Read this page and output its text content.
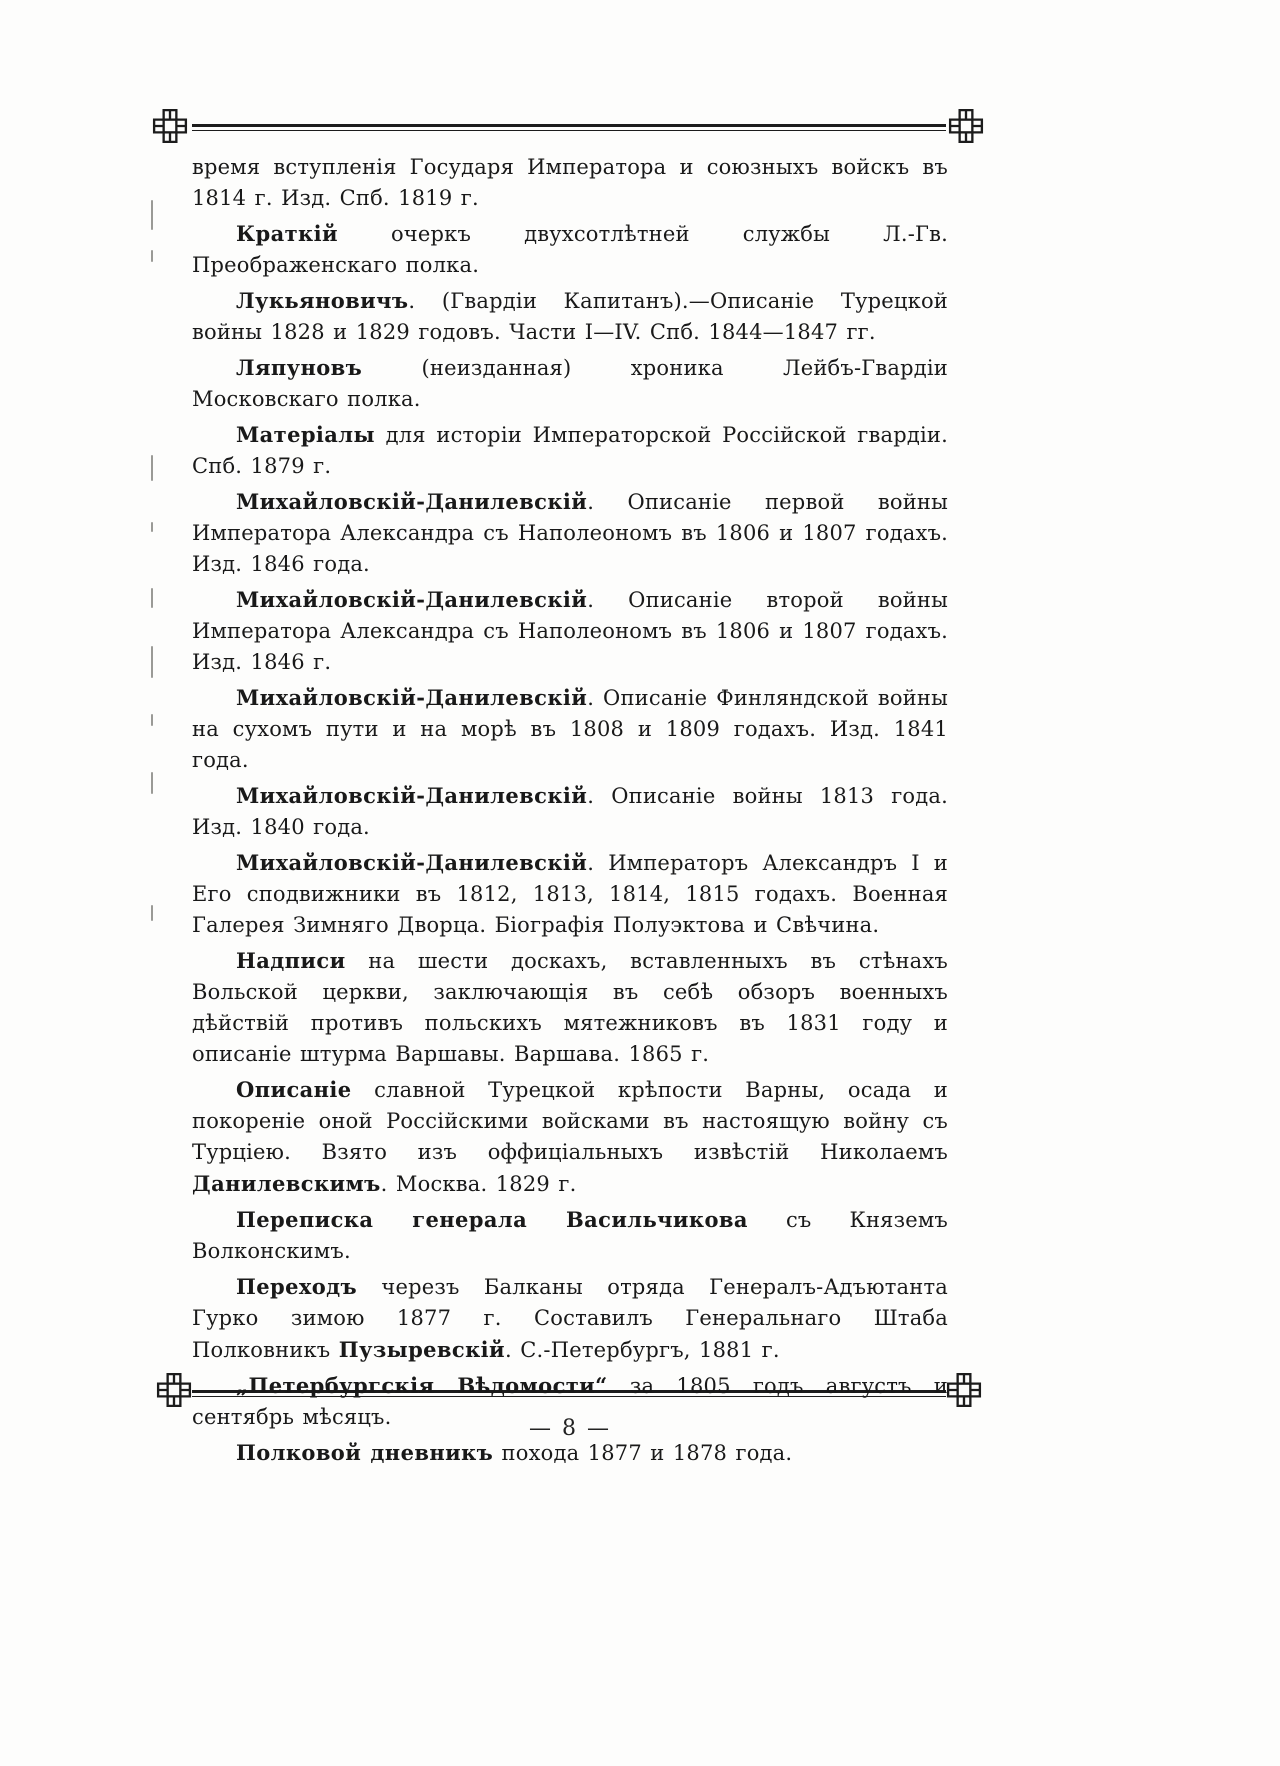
время вступленія Государя Императора и союзныхъ войскъ въ 1814 г. Изд. Спб. 1819 г.

Краткій очеркъ двухсотлѣтней службы Л.-Гв. Преображенскаго полка.

Лукьяновичъ. (Гвардіи Капитанъ).—Описаніе Турецкой войны 1828 и 1829 годовъ. Части I—IV. Спб. 1844—1847 гг.

Ляпуновъ (неизданная) хроника Лейбъ-Гвардіи Московскаго полка.

Матеріалы для исторіи Императорской Россійской гвардіи. Спб. 1879 г.

Михайловскій-Данилевскій. Описаніе первой войны Императора Александра съ Наполеономъ въ 1806 и 1807 годахъ. Изд. 1846 года.

Михайловскій-Данилевскій. Описаніе второй войны Императора Александра съ Наполеономъ въ 1806 и 1807 годахъ. Изд. 1846 г.

Михайловскій-Данилевскій. Описаніе Финляндской войны на сухомъ пути и на морѣ въ 1808 и 1809 годахъ. Изд. 1841 года.

Михайловскій-Данилевскій. Описаніе войны 1813 года. Изд. 1840 года.

Михайловскій-Данилевскій. Императоръ Александръ I и Его сподвижники въ 1812, 1813, 1814, 1815 годахъ. Военная Галерея Зимняго Дворца. Біографія Полуэктова и Свѣчина.

Надписи на шести доскахъ, вставленныхъ въ стѣнахъ Вольской церкви, заключающія въ себѣ обзоръ военныхъ дѣйствій противъ польскихъ мятежниковъ въ 1831 году и описаніе штурма Варшавы. Варшава. 1865 г.

Описаніе славной Турецкой крѣпости Варны, осада и покореніе оной Россійскими войсками въ настоящую войну съ Турціею. Взято изъ оффиціальныхъ извѣстій Николаемъ Данилевскимъ. Москва. 1829 г.

Переписка генерала Васильчикова съ Княземъ Волконскимъ.

Переходъ черезъ Балканы отряда Генералъ-Адъютанта Гурко зимою 1877 г. Составилъ Генеральнаго Штаба Полковникъ Пузыревскій. С.-Петербургъ, 1881 г.

„Петербургскія Вѣдомости“ за 1805 годъ августъ и сентябрь мѣсяцъ.

Полковой дневникъ похода 1877 и 1878 года.

— 8 —
